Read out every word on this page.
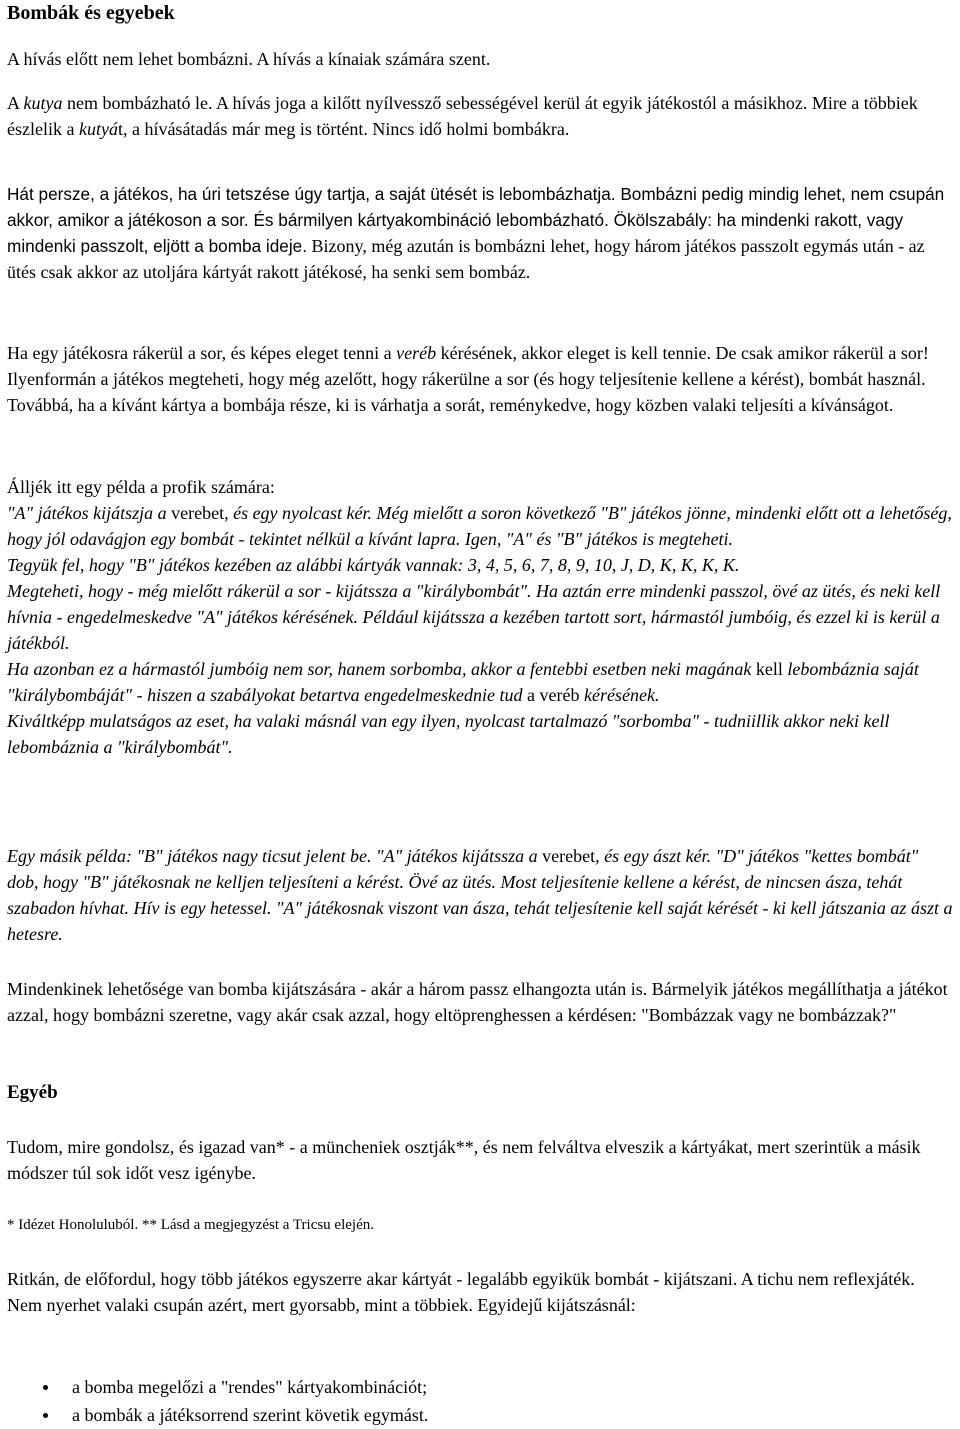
Bombák és egyebek

A hívás előtt nem lehet bombázni. A hívás a kínaiak számára szent.

A kutya nem bombázható le. A hívás joga a kilőtt nyílvessző sebességével kerül át egyik játékostól a másikhoz. Mire a többiek észlelik a kutyát, a hívásátadás már meg is történt. Nincs idő holmi bombákra.

Hát persze, a játékos, ha úri tetszése úgy tartja, a saját ütését is lebombázhatja. Bombázni pedig mindig lehet, nem csupán akkor, amikor a játékoson a sor. És bármilyen kártyakombináció lebombázható. Ökölszabály: ha mindenki rakott, vagy mindenki passzolt, eljött a bomba ideje. Bizony, még azután is bombázni lehet, hogy három játékos passzolt egymás után - az ütés csak akkor az utoljára kártyát rakott játékosé, ha senki sem bombáz.

Ha egy játékosra rákerül a sor, és képes eleget tenni a veréb kérésének, akkor eleget is kell tennie. De csak amikor rákerül a sor! Ilyenformán a játékos megteheti, hogy még azelőtt, hogy rákerülne a sor (és hogy teljesítenie kellene a kérést), bombát használ. Továbbá, ha a kívánt kártya a bombája része, ki is várhatja a sorát, reménykedve, hogy közben valaki teljesíti a kívánságot.

Álljék itt egy példa a profik számára:

"A" játékos kijátszja a verebet, és egy nyolcast kér. Még mielőtt a soron következő "B" játékos jönne, mindenki előtt ott a lehetőség, hogy jól odavágjon egy bombát - tekintet nélkül a kívánt lapra. Igen, "A" és "B" játékos is megteheti.

Tegyük fel, hogy "B" játékos kezében az alábbi kártyák vannak: 3, 4, 5, 6, 7, 8, 9, 10, J, D, K, K, K, K.

Megteheti, hogy - még mielőtt rákerül a sor - kijátssza a "királybombát". Ha aztán erre mindenki passzol, övé az ütés, és neki kell hívnia - engedelmeskedve "A" játékos kérésének. Például kijátssza a kezében tartott sort, hármastól jumbóig, és ezzel ki is kerül a játékból.

Ha azonban ez a hármastól jumbóig nem sor, hanem sorbomba, akkor a fentebbi esetben neki magának kell lebombáznia saját "királybombáját" - hiszen a szabályokat betartva engedelmeskednie tud a veréb kérésének.

Kiváltképp mulatságos az eset, ha valaki másnál van egy ilyen, nyolcast tartalmazó "sorbomba" - tudniillik akkor neki kell lebombáznia a "királybombát".

Egy másik példa: "B" játékos nagy ticsut jelent be. "A" játékos kijátssza a verebet, és egy ászt kér. "D" játékos "kettes bombát" dob, hogy "B" játékosnak ne kelljen teljesíteni a kérést. Övé az ütés. Most teljesítenie kellene a kérést, de nincsen ásza, tehát szabadon hívhat. Hív is egy hetessel. "A" játékosnak viszont van ásza, tehát teljesítenie kell saját kérését - ki kell játszania az ászt a hetesre.

Mindenkinek lehetősége van bomba kijátszására - akár a három passz elhangozta után is. Bármelyik játékos megállíthatja a játékot azzal, hogy bombázni szeretne, vagy akár csak azzal, hogy eltöprenghessen a kérdésen: "Bombázzak vagy ne bombázzak?"

Egyéb

Tudom, mire gondolsz, és igazad van* - a müncheniek osztják**, és nem felváltva elveszik a kártyákat, mert szerintük a másik módszer túl sok időt vesz igénybe.

* Idézet Honoluluból. ** Lásd a megjegyzést a Tricsu elején.

Ritkán, de előfordul, hogy több játékos egyszerre akar kártyát - legalább egyikük bombát - kijátszani. A tichu nem reflexjáték. Nem nyerhet valaki csupán azért, mert gyorsabb, mint a többiek. Egyidejű kijátszásnál:

a bomba megelőzi a "rendes" kártyakombinációt;
a bombák a játéksorrend szerint követik egymást.
